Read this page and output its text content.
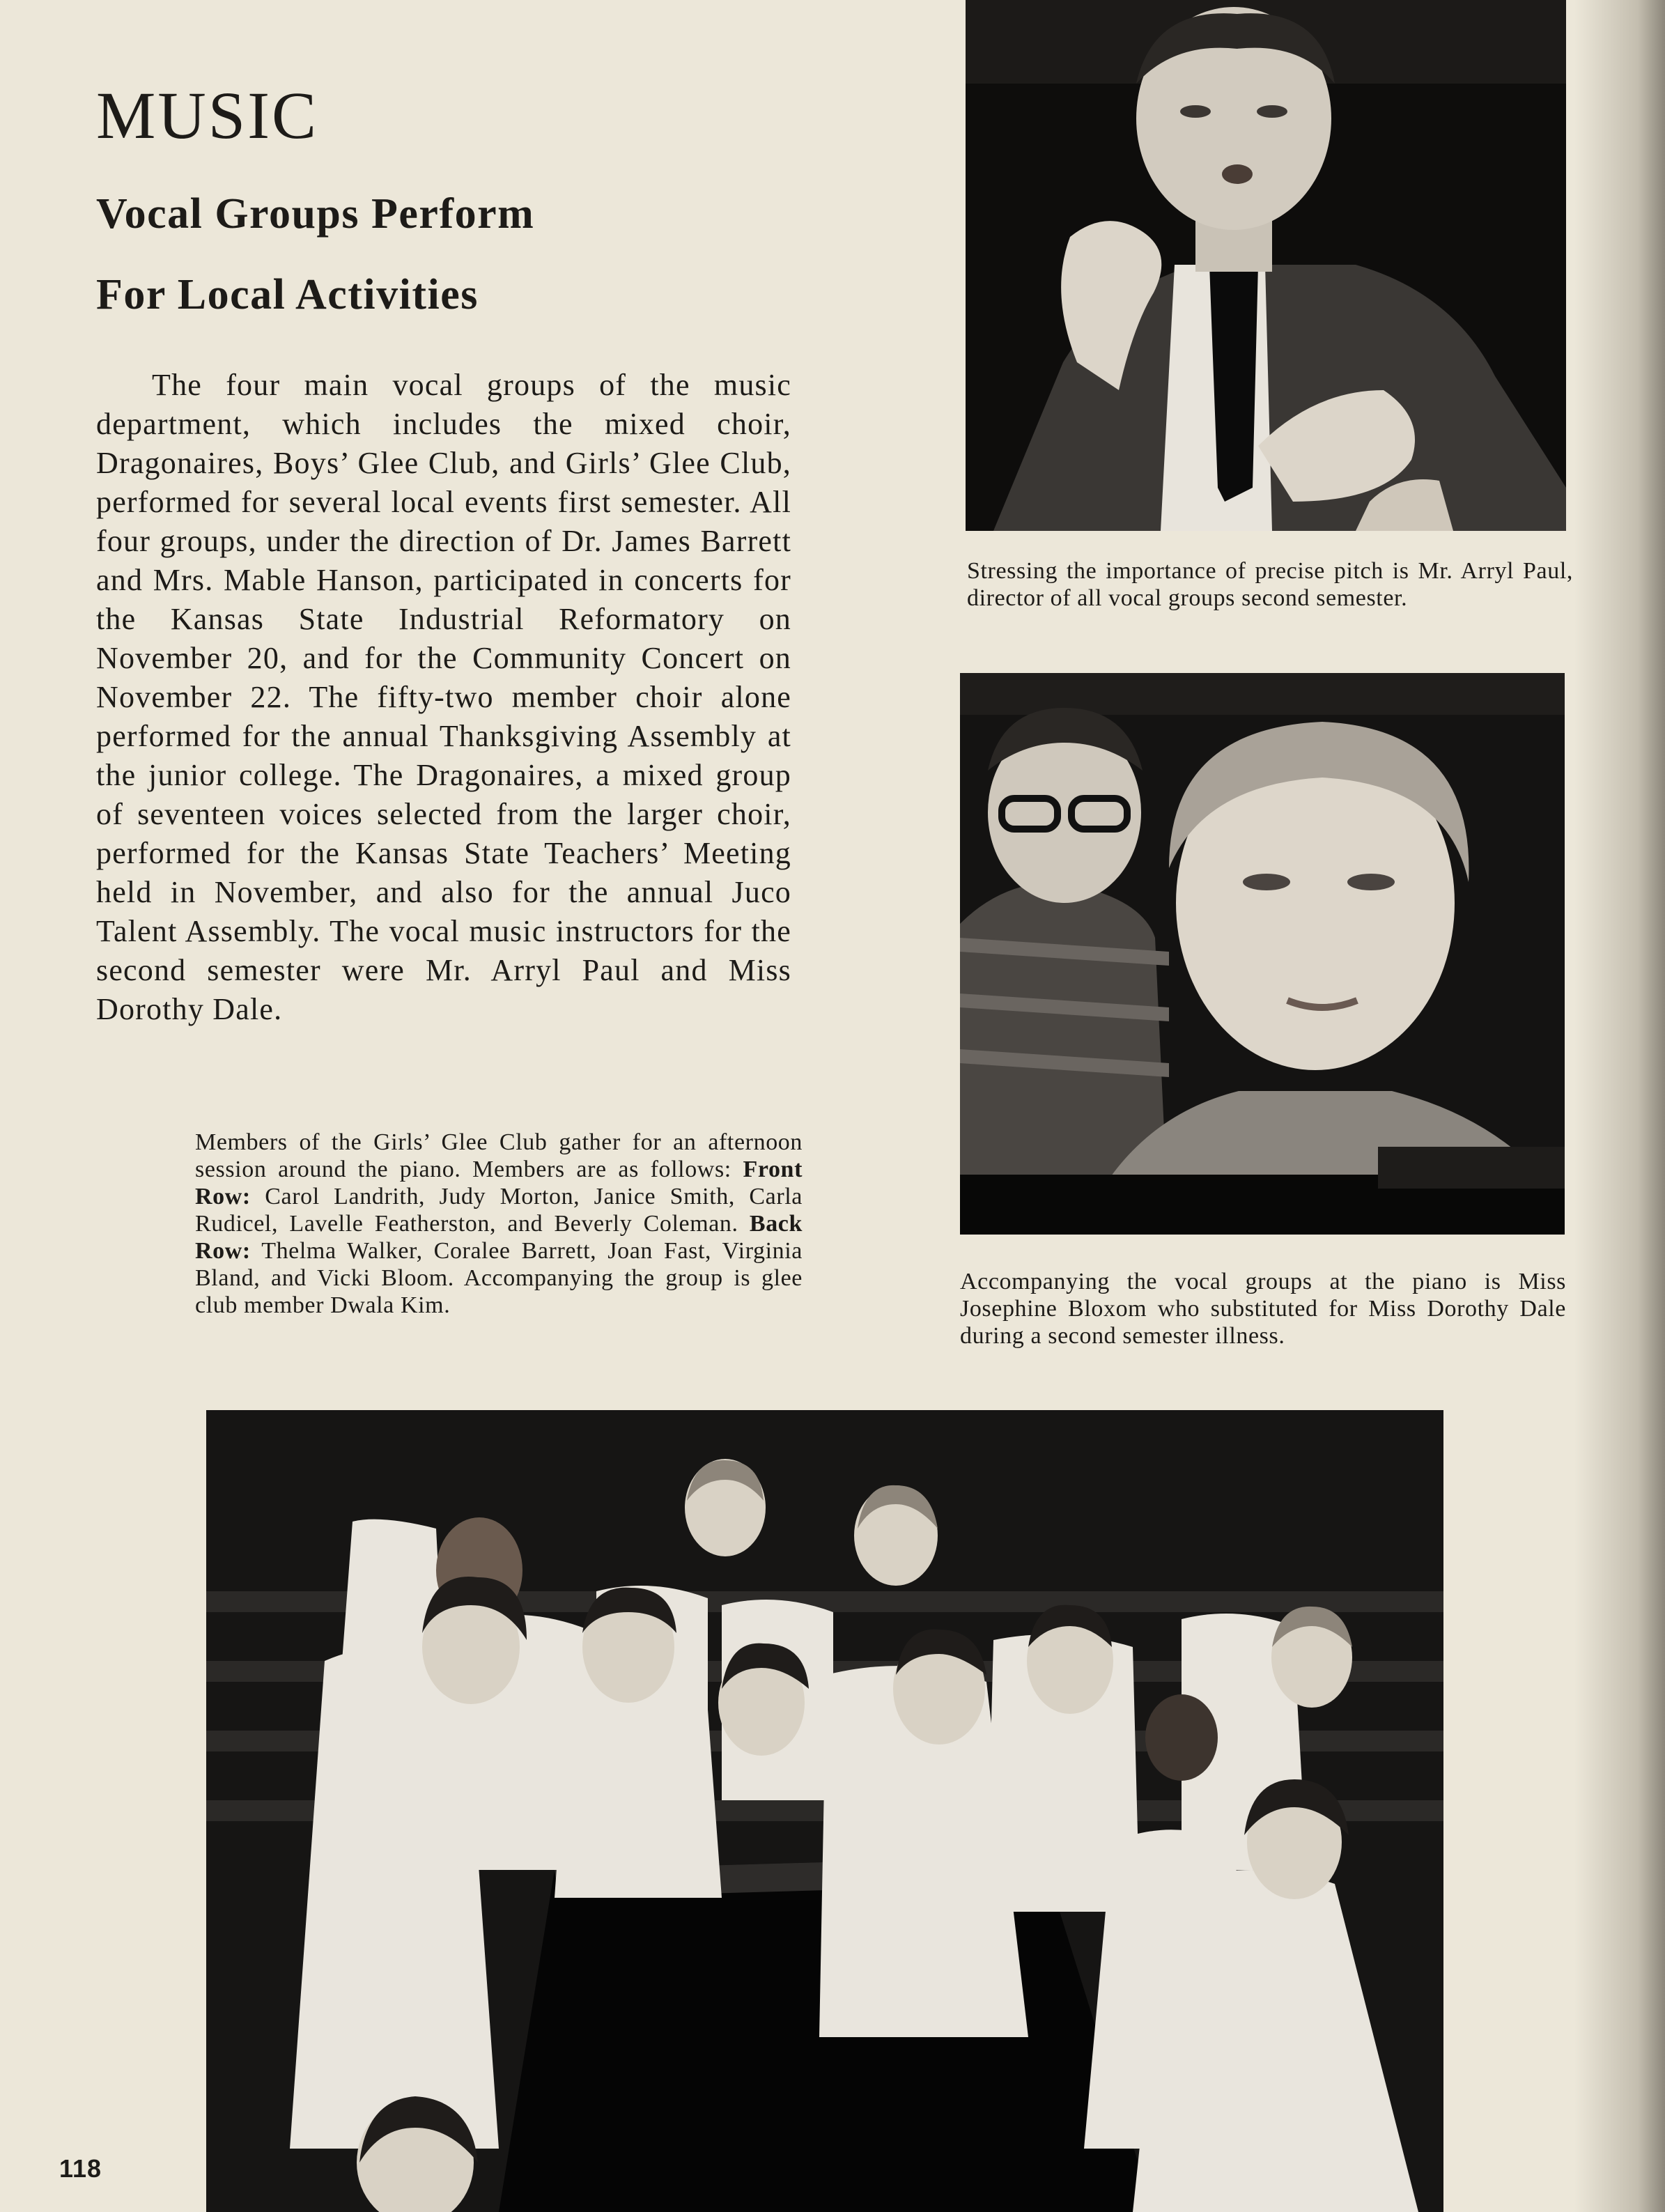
MUSIC
Vocal Groups Perform
For Local Activities

The four main vocal groups of the music department, which includes the mixed choir, Dragonaires, Boys’ Glee Club, and Girls’ Glee Club, performed for several local events first semester. All four groups, under the direction of Dr. James Barrett and Mrs. Mable Hanson, participated in concerts for the Kansas State Industrial Reformatory on November 20, and for the Community Concert on November 22. The fifty-two member choir alone performed for the annual Thanksgiving Assembly at the junior college. The Dragonaires, a mixed group of seventeen voices selected from the larger choir, performed for the Kansas State Teachers’ Meeting held in November, and also for the annual Juco Talent Assembly. The vocal music instructors for the second semester were Mr. Arryl Paul and Miss Dorothy Dale.

Stressing the importance of precise pitch is Mr. Arryl Paul, director of all vocal groups second semester.

Accompanying the vocal groups at the piano is Miss Josephine Bloxom who substituted for Miss Dorothy Dale during a second semester illness.

Members of the Girls’ Glee Club gather for an afternoon session around the piano. Members are as follows: Front Row: Carol Landrith, Judy Morton, Janice Smith, Carla Rudicel, Lavelle Featherston, and Beverly Coleman. Back Row: Thelma Walker, Coralee Barrett, Joan Fast, Virginia Bland, and Vicki Bloom. Accompanying the group is glee club member Dwala Kim.

118
